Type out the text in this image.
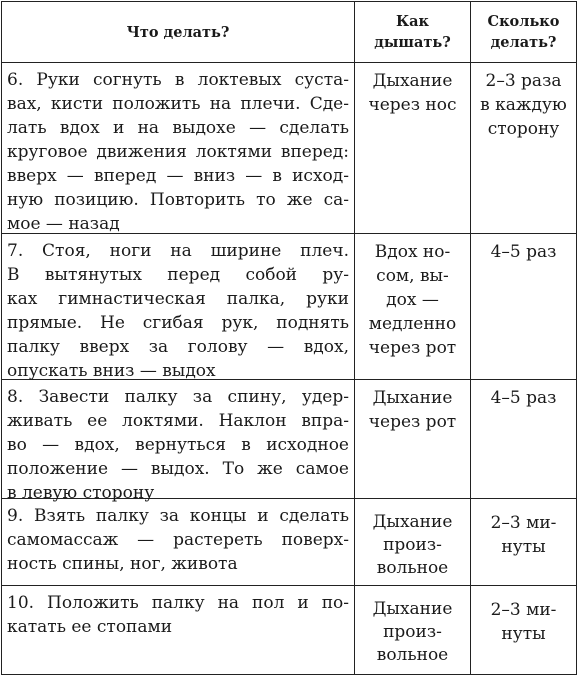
Что делать?
Как
дышать?
Сколько
делать?
6. Руки согнуть в локтевых сустa-
вах, кисти положить на плечи. Сде-
лать вдох и на выдохе — сделать
круговое движения локтями вперед:
вверх — вперед — вниз — в исход-
ную позицию. Повторить то же са-
мое — назад
Дыхание
через нос
2–3 раза
в каждую
сторону
7. Стоя, ноги на ширине плеч.
В вытянутых перед собой ру-
ках гимнастическая палка, руки
прямые. Не сгибая рук, поднять
палку вверх за голову — вдох,
опускать вниз — выдох
Вдох но-
сом, вы-
дох —
медленно
через рот
4–5 раз
8. Завести палку за спину, удер-
живать ее локтями. Наклон впра-
во — вдох, вернуться в исходное
положение — выдох. То же самое
в левую сторону
Дыхание
через рот
4–5 раз
9. Взять палку за концы и сделать
самомассаж — растереть поверх-
ность спины, ног, живота
Дыхание
произ-
вольное
2–3 ми-
нуты
10. Положить палку на пол и по-
катать ее стопами
Дыхание
произ-
вольное
2–3 ми-
нуты
